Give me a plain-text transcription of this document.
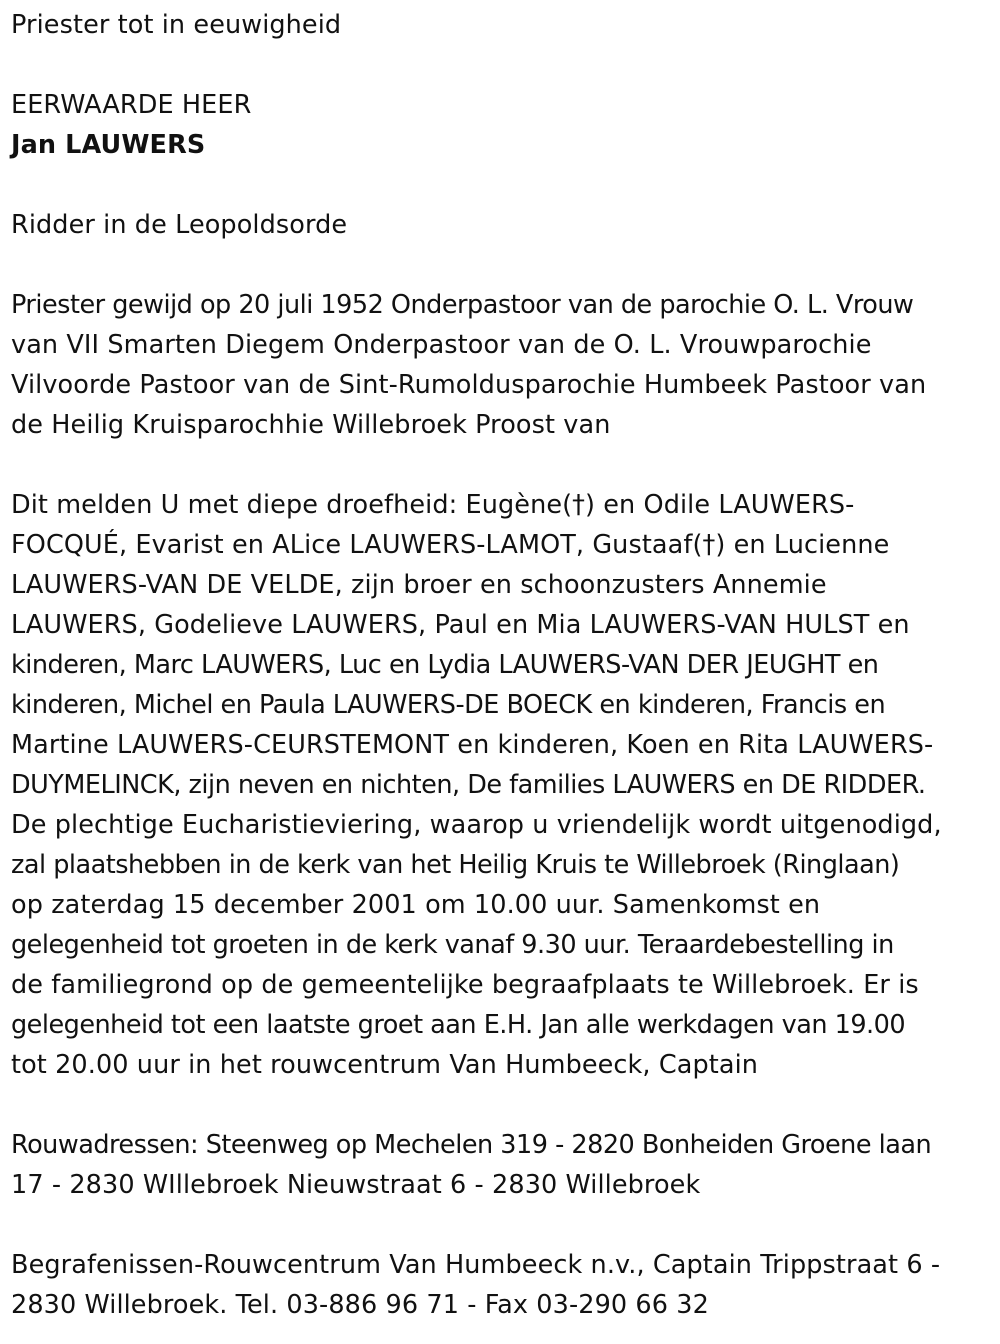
Priester tot in eeuwigheid
EERWAARDE HEER
Jan LAUWERS
Ridder in de Leopoldsorde
Priester gewijd op 20 juli 1952 Onderpastoor van de parochie O. L. Vrouw
van VII Smarten Diegem Onderpastoor van de O. L. Vrouwparochie
Vilvoorde Pastoor van de Sint-Rumoldusparochie Humbeek Pastoor van
de Heilig Kruisparochhie Willebroek Proost van
Dit melden U met diepe droefheid: Eugène(†) en Odile LAUWERS-
FOCQUÉ, Evarist en ALice LAUWERS-LAMOT, Gustaaf(†) en Lucienne
LAUWERS-VAN DE VELDE, zijn broer en schoonzusters Annemie
LAUWERS, Godelieve LAUWERS, Paul en Mia LAUWERS-VAN HULST en
kinderen, Marc LAUWERS, Luc en Lydia LAUWERS-VAN DER JEUGHT en
kinderen, Michel en Paula LAUWERS-DE BOECK en kinderen, Francis en
Martine LAUWERS-CEURSTEMONT en kinderen, Koen en Rita LAUWERS-
DUYMELINCK, zijn neven en nichten, De families LAUWERS en DE RIDDER.
De plechtige Eucharistieviering, waarop u vriendelijk wordt uitgenodigd,
zal plaatshebben in de kerk van het Heilig Kruis te Willebroek (Ringlaan)
op zaterdag 15 december 2001 om 10.00 uur. Samenkomst en
gelegenheid tot groeten in de kerk vanaf 9.30 uur. Teraardebestelling in
de familiegrond op de gemeentelijke begraafplaats te Willebroek. Er is
gelegenheid tot een laatste groet aan E.H. Jan alle werkdagen van 19.00
tot 20.00 uur in het rouwcentrum Van Humbeeck, Captain
Rouwadressen: Steenweg op Mechelen 319 - 2820 Bonheiden Groene laan
17 - 2830 WIllebroek Nieuwstraat 6 - 2830 Willebroek
Begrafenissen-Rouwcentrum Van Humbeeck n.v., Captain Trippstraat 6 -
2830 Willebroek. Tel. 03-886 96 71 - Fax 03-290 66 32
